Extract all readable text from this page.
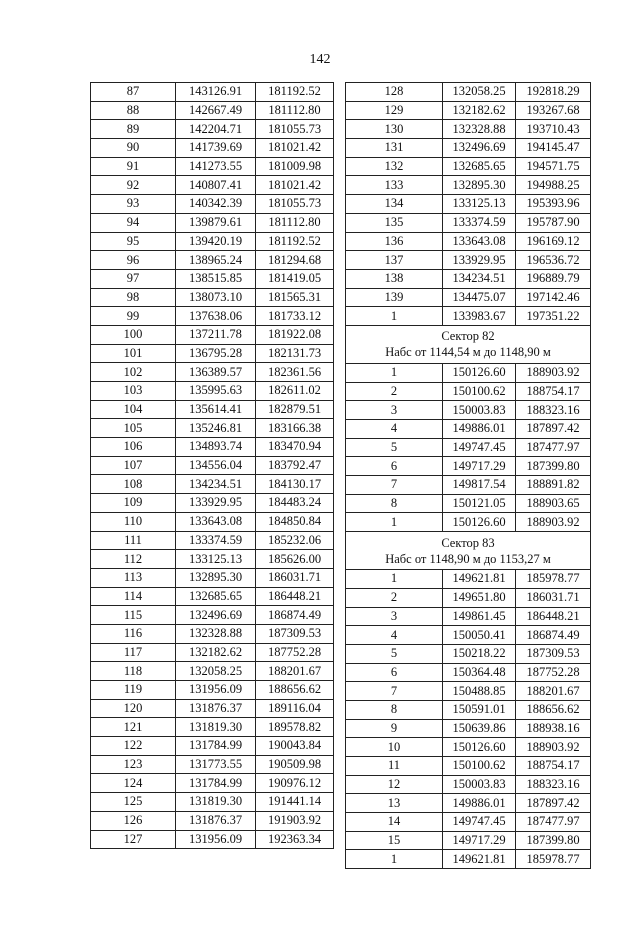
142
87	143126.91	181192.52
88	142667.49	181112.80
89	142204.71	181055.73
90	141739.69	181021.42
91	141273.55	181009.98
92	140807.41	181021.42
93	140342.39	181055.73
94	139879.61	181112.80
95	139420.19	181192.52
96	138965.24	181294.68
97	138515.85	181419.05
98	138073.10	181565.31
99	137638.06	181733.12
100	137211.78	181922.08
101	136795.28	182131.73
102	136389.57	182361.56
103	135995.63	182611.02
104	135614.41	182879.51
105	135246.81	183166.38
106	134893.74	183470.94
107	134556.04	183792.47
108	134234.51	184130.17
109	133929.95	184483.24
110	133643.08	184850.84
111	133374.59	185232.06
112	133125.13	185626.00
113	132895.30	186031.71
114	132685.65	186448.21
115	132496.69	186874.49
116	132328.88	187309.53
117	132182.62	187752.28
118	132058.25	188201.67
119	131956.09	188656.62
120	131876.37	189116.04
121	131819.30	189578.82
122	131784.99	190043.84
123	131773.55	190509.98
124	131784.99	190976.12
125	131819.30	191441.14
126	131876.37	191903.92
127	131956.09	192363.34
128	132058.25	192818.29
129	132182.62	193267.68
130	132328.88	193710.43
131	132496.69	194145.47
132	132685.65	194571.75
133	132895.30	194988.25
134	133125.13	195393.96
135	133374.59	195787.90
136	133643.08	196169.12
137	133929.95	196536.72
138	134234.51	196889.79
139	134475.07	197142.46
1	133983.67	197351.22

Сектор 82
Набс от 1144,54 м до 1148,90 м		

1	150126.60	188903.92
2	150100.62	188754.17
3	150003.83	188323.16
4	149886.01	187897.42
5	149747.45	187477.97
6	149717.29	187399.80
7	149817.54	188891.82
8	150121.05	188903.65
1	150126.60	188903.92

Сектор 83
Набс от 1148,90 м до 1153,27 м		

1	149621.81	185978.77
2	149651.80	186031.71
3	149861.45	186448.21
4	150050.41	186874.49
5	150218.22	187309.53
6	150364.48	187752.28
7	150488.85	188201.67
8	150591.01	188656.62
9	150639.86	188938.16
10	150126.60	188903.92
11	150100.62	188754.17
12	150003.83	188323.16
13	149886.01	187897.42
14	149747.45	187477.97
15	149717.29	187399.80
1	149621.81	185978.77
